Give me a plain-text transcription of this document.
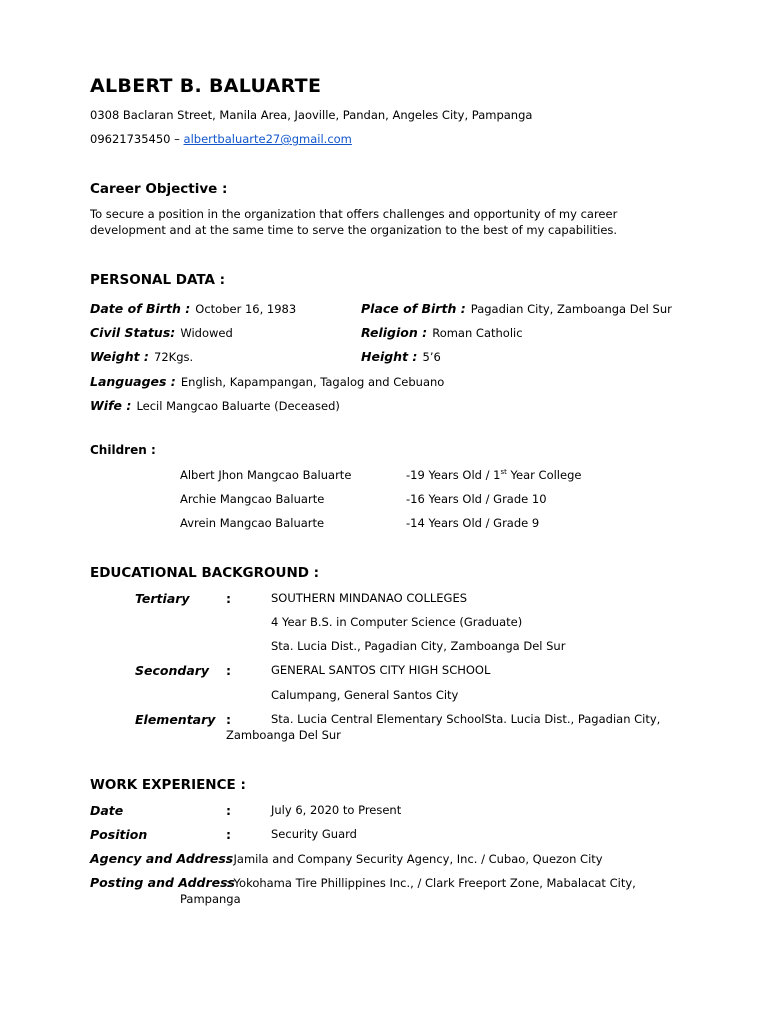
ALBERT B. BALUARTE
0308 Baclaran Street, Manila Area, Jaoville, Pandan, Angeles City, Pampanga
09621735450 – albertbaluarte27@gmail.com
Career Objective :
To secure a position in the organization that offers challenges and opportunity of my career
development and at the same time to serve the organization to the best of my capabilities.
PERSONAL DATA :
Date of Birth : October 16, 1983	Place of Birth : Pagadian City, Zamboanga Del Sur
Civil Status: Widowed	Religion : Roman Catholic
Weight : 72Kgs.	Height : 5’6
Languages : English, Kapampangan, Tagalog and Cebuano
Wife : Lecil Mangcao Baluarte (Deceased)
Children :
Albert Jhon Mangcao Baluarte	-19 Years Old / 1st Year College
Archie Mangcao Baluarte	-16 Years Old / Grade 10
Avrein Mangcao Baluarte	-14 Years Old / Grade 9
EDUCATIONAL BACKGROUND :
Tertiary	:	SOUTHERN MINDANAO COLLEGES
4 Year B.S. in Computer Science (Graduate)
Sta. Lucia Dist., Pagadian City, Zamboanga Del Sur
Secondary :	GENERAL SANTOS CITY HIGH SCHOOL
Calumpang, General Santos City
Elementary :	Sta. Lucia Central Elementary SchoolSta. Lucia Dist., Pagadian City,
Zamboanga Del Sur
WORK EXPERIENCE :
Date	:	July 6, 2020 to Present
Position	:	Security Guard
Agency and Address
: Jamila and Company Security Agency, Inc. / Cubao, Quezon City
Posting and Address
: Yokohama Tire Phillippines Inc., / Clark Freeport Zone, Mabalacat City,
Pampanga
